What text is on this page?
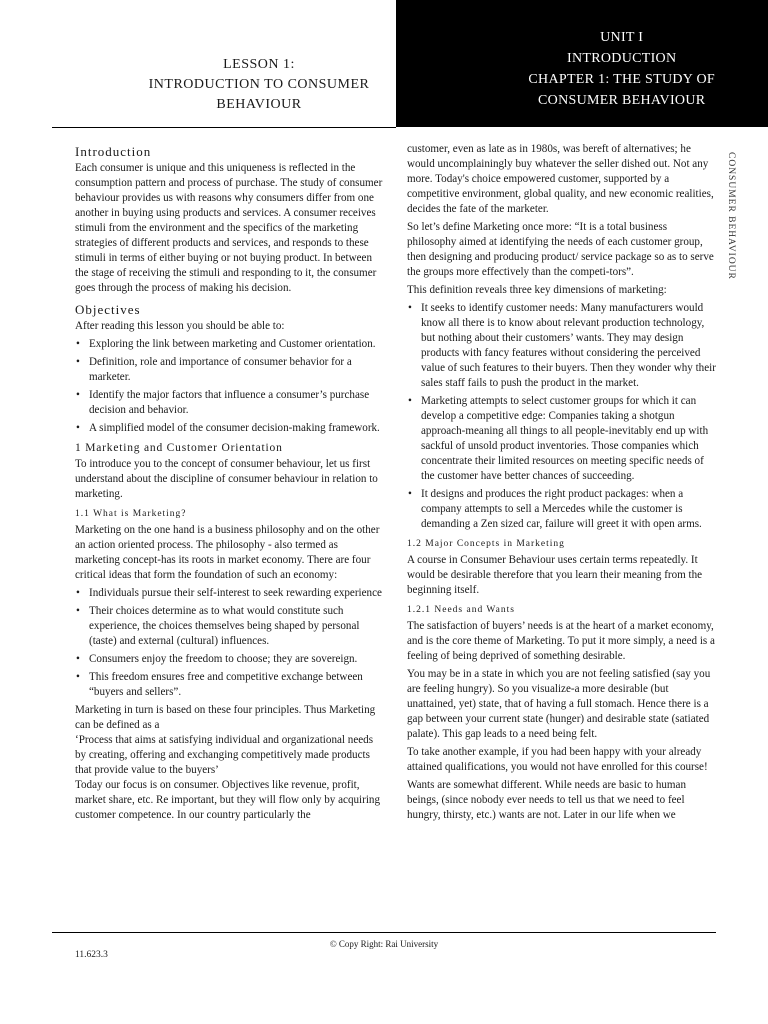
LESSON 1:
INTRODUCTION TO CONSUMER
BEHAVIOUR
UNIT I
INTRODUCTION
CHAPTER 1: THE STUDY OF
CONSUMER BEHAVIOUR
Introduction

Each consumer is unique and this uniqueness is reflected in the consumption pattern and process of purchase. The study of consumer behaviour provides us with reasons why consumers differ from one another in buying using products and services. A consumer receives stimuli from the environment and the specifics of the marketing strategies of different products and services, and responds to these stimuli in terms of either buying or not buying product. In between the stage of receiving the stimuli and responding to it, the consumer goes through the process of making his decision.

Objectives

After reading this lesson you should be able to:

• Exploring the link between marketing and Customer orientation.
• Definition, role and importance of consumer behavior for a marketer.
• Identify the major factors that influence a consumer’s purchase decision and behavior.
• A simplified model of the consumer decision-making framework.
1 Marketing and Customer Orientation

To introduce you to the concept of consumer behaviour, let us first understand about the discipline of consumer behaviour in relation to marketing.

1.1 What is Marketing?

Marketing on the one hand is a business philosophy and on the other an action oriented process. The philosophy - also termed as marketing concept-has its roots in market economy. There are four critical ideas that form the foundation of such an economy:

• Individuals pursue their self-interest to seek rewarding experience
• Their choices determine as to what would constitute such experience, the choices themselves being shaped by personal (taste) and external (cultural) influences.
• Consumers enjoy the freedom to choose; they are sovereign.
• This freedom ensures free and competitive exchange between “buyers and sellers”.

Marketing in turn is based on these four principles. Thus Marketing can be defined as a

‘Process that aims at satisfying individual and organizational needs by creating, offering and exchanging competitively made products that provide value to the buyers’

Today our focus is on consumer. Objectives like revenue, profit, market share, etc. Re important, but they will flow only by acquiring customer competence. In our country particularly the

customer, even as late as in 1980s, was bereft of alternatives; he would uncomplainingly buy whatever the seller dished out. Not any more. Today's choice empowered customer, supported by a competitive environment, global quality, and new economic realities, decides the fate of the marketer.

So let’s define Marketing once more: “It is a total business philosophy aimed at identifying the needs of each customer group, then designing and producing product/ service package so as to serve the groups more effectively than the competi-tors”.

This definition reveals three key dimensions of marketing:

• It seeks to identify customer needs: Many manufacturers would know all there is to know about relevant production technology, but nothing about their customers’ wants. They may design products with fancy features without considering the perceived value of such features to their buyers. Then they wonder why their sales staff fails to push the product in the market.
• Marketing attempts to select customer groups for which it can develop a competitive edge: Companies taking a shotgun approach-meaning all things to all people-inevitably end up with sackful of unsold product inventories. Those companies which concentrate their limited resources on meeting specific needs of the customer have better chances of succeeding.
• It designs and produces the right product packages: when a company attempts to sell a Mercedes while the customer is demanding a Zen sized car, failure will greet it with open arms.
1.2 Major Concepts in Marketing

A course in Consumer Behaviour uses certain terms repeatedly. It would be desirable therefore that you learn their meaning from the beginning itself.

1.2.1 Needs and Wants

The satisfaction of buyers’ needs is at the heart of a market economy, and is the core theme of Marketing. To put it more simply, a need is a feeling of being deprived of something desirable.

You may be in a state in which you are not feeling satisfied (say you are feeling hungry). So you visualize-a more desirable (but unattained, yet) state, that of having a full stomach. Hence there is a gap between your current state (hunger) and desirable state (satiated palate). This gap leads to a need being felt.

To take another example, if you had been happy with your already attained qualifications, you would not have enrolled for this course!

Wants are somewhat different. While needs are basic to human beings, (since nobody ever needs to tell us that we need to feel hungry, thirsty, etc.) wants are not. Later in our life when we

CONSUMER BEHAVIOUR
© Copy Right: Rai University
11.623.3
